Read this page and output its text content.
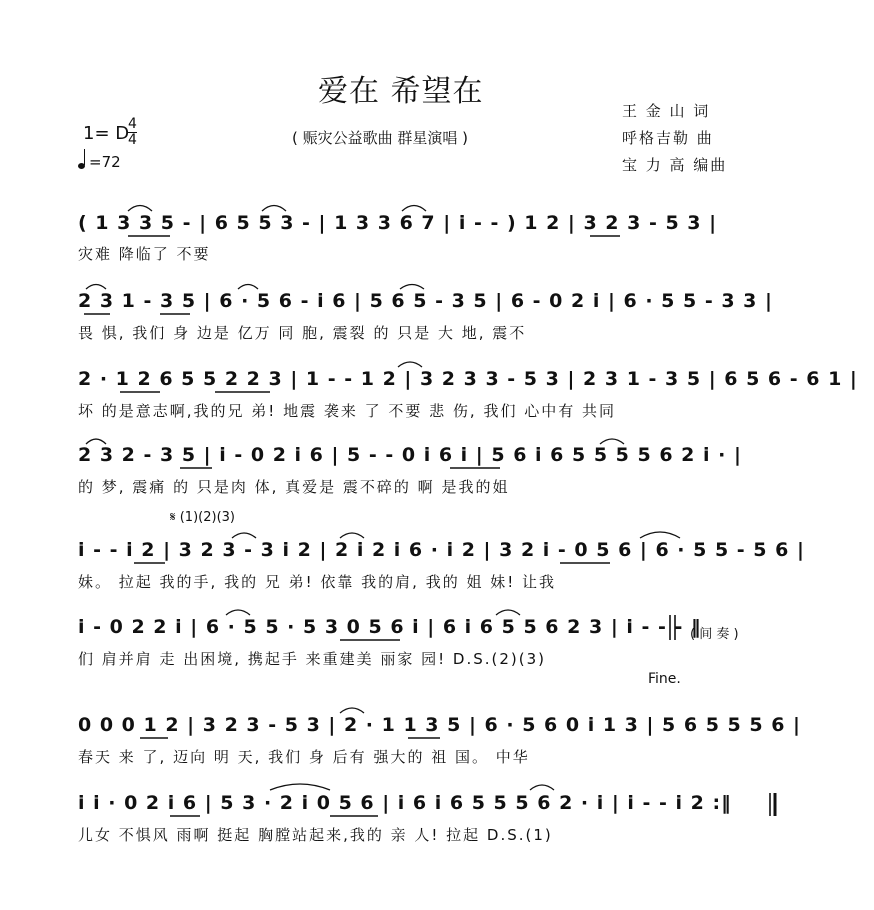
爱在 希望在
( 赈灾公益歌曲 群星演唱 )
王 金 山 词
呼格吉勒 曲
宝 力 高 编曲
1= D
4
4
=72
( 1 3 3 5 - | 6 5 5 3 - | 1 3 3 6 7 | i - - ) 1 2 | 3 2 3 - 5 3 |
灾难 降临了 不要
2 3 1 - 3 5 | 6 · 5 6 - i 6 | 5 6 5 - 3 5 | 6 - 0 2 i | 6 · 5 5 - 3 3 |
畏 惧, 我们 身 边是 亿万 同 胞, 震裂 的 只是 大 地, 震不
2 · 1 2 6 5 5 2 2 3 | 1 - - 1 2 | 3 2 3 3 - 5 3 | 2 3 1 - 3 5 | 6 5 6 - 6 1 |
坏 的是意志啊,我的兄 弟! 地震 袭来 了 不要 悲 伤, 我们 心中有 共同
2 3 2 - 3 5 | i - 0 2 i 6 | 5 - - 0 i 6 i | 5 6 i 6 5 5 5 5 6 2 i · |
的 梦, 震痛 的 只是肉 体, 真爱是 震不碎的 啊 是我的姐
𝄋 (1)(2)(3)
i - - i 2 | 3 2 3 - 3 i 2 | 2 i 2 i 6 · i 2 | 3 2 i - 0 5 6 | 6 · 5 5 - 5 6 |
妹。 拉起 我的手, 我的 兄 弟! 依靠 我的肩, 我的 姐 妹! 让我
i - 0 2 2 i | 6 · 5 5 · 5 3 0 5 6 i | 6 i 6 5 5 6 2 3 | i - - - ‖
们 肩并肩 走 出困境, 携起手 来重建美 丽家 园! D.S.(2)(3)
( 间 奏 )
Fine.
0 0 0 1 2 | 3 2 3 - 5 3 | 2 · 1 1 3 5 | 6 · 5 6 0 i 1 3 | 5 6 5 5 5 6 |
春天 来 了, 迈向 明 天, 我们 身 后有 强大的 祖 国。 中华
i i · 0 2 i 6 | 5 3 · 2 i 0 5 6 | i 6 i 6 5 5 5 6 2 · i | i - - i 2 :‖
儿女 不惧风 雨啊 挺起 胸膛站起来,我的 亲 人! 拉起 D.S.(1)
